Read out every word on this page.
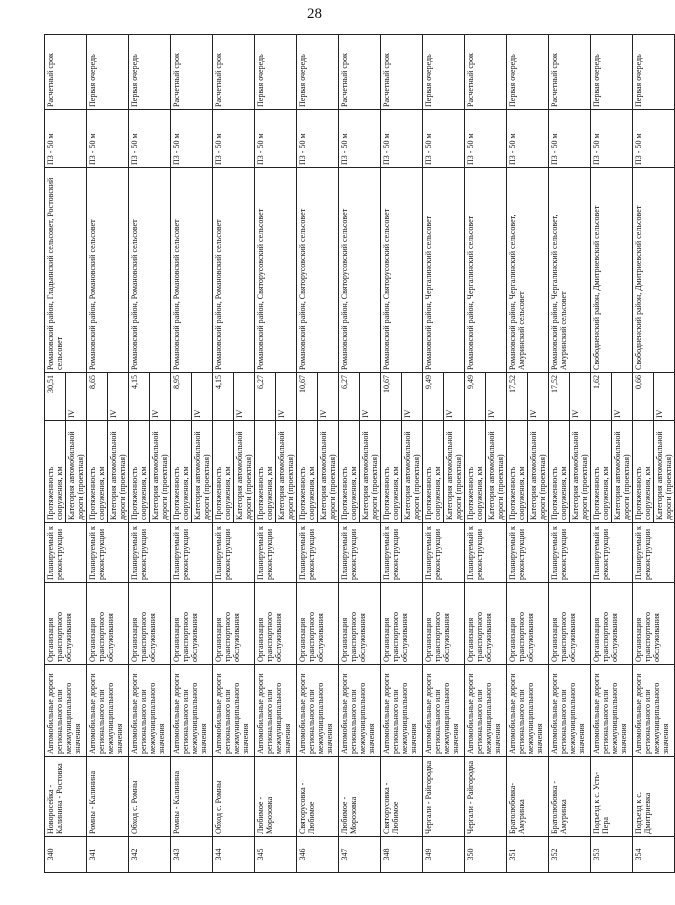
28
340	Новоросейка - Калинина - Ростовка	Автомобильные дороги регионального или межмуниципального значения	Организация транспортного обслуживания	Планируемый к реконструкции	Протяженность сооружения, км	30,51	Романовский район, Гладьинский сельсовет, Ростовский сельсовет	ПЗ - 50 м	Расчетный срок
					Категория автомобильной дороги (проектная)	IV			
341	Ромны - Калинина	Автомобильные дороги регионального или межмуниципального значения	Организация транспортного обслуживания	Планируемый к реконструкции	Протяженность сооружения, км	8,65	Романовский район, Романовский сельсовет	ПЗ - 50 м	Первая очередь
					Категория автомобильной дороги (проектная)	IV			
342	Обход с. Ромны	Автомобильные дороги регионального или межмуниципального значения	Организация транспортного обслуживания	Планируемый к реконструкции	Протяженность сооружения, км	4,15	Романовский район, Романовский сельсовет	ПЗ - 50 м	Первая очередь
					Категория автомобильной дороги (проектная)	IV			
343	Ромны - Калинина	Автомобильные дороги регионального или межмуниципального значения	Организация транспортного обслуживания	Планируемый к реконструкции	Протяженность сооружения, км	8,95	Романовский район, Романовский сельсовет	ПЗ - 50 м	Расчетный срок
					Категория автомобильной дороги (проектная)	IV			
344	Обход с. Ромны	Автомобильные дороги регионального или межмуниципального значения	Организация транспортного обслуживания	Планируемый к реконструкции	Протяженность сооружения, км	4,15	Романовский район, Романовский сельсовет	ПЗ - 50 м	Расчетный срок
					Категория автомобильной дороги (проектная)	IV			
345	Любимое - Морозовка	Автомобильные дороги регионального или межмуниципального значения	Организация транспортного обслуживания	Планируемый к реконструкции	Протяженность сооружения, км	6,27	Романовский район, Святорусовский сельсовет	ПЗ - 50 м	Первая очередь
					Категория автомобильной дороги (проектная)	IV			
346	Святорусовка - Любимое	Автомобильные дороги регионального или межмуниципального значения	Организация транспортного обслуживания	Планируемый к реконструкции	Протяженность сооружения, км	10,67	Романовский район, Святорусовский сельсовет	ПЗ - 50 м	Первая очередь
					Категория автомобильной дороги (проектная)	IV			
347	Любимое - Морозовка	Автомобильные дороги регионального или межмуниципального значения	Организация транспортного обслуживания	Планируемый к реконструкции	Протяженность сооружения, км	6,27	Романовский район, Святорусовский сельсовет	ПЗ - 50 м	Расчетный срок
					Категория автомобильной дороги (проектная)	IV			
348	Святорусовка - Любимое	Автомобильные дороги регионального или межмуниципального значения	Организация транспортного обслуживания	Планируемый к реконструкции	Протяженность сооружения, км	10,67	Романовский район, Святорусовский сельсовет	ПЗ - 50 м	Расчетный срок
					Категория автомобильной дороги (проектная)	IV			
349	Чергали - Райгородка	Автомобильные дороги регионального или межмуниципального значения	Организация транспортного обслуживания	Планируемый к реконструкции	Протяженность сооружения, км	9,49	Романовский район, Чергалинский сельсовет	ПЗ - 50 м	Первая очередь
					Категория автомобильной дороги (проектная)	IV			
350	Чергали - Райгородка	Автомобильные дороги регионального или межмуниципального значения	Организация транспортного обслуживания	Планируемый к реконструкции	Протяженность сооружения, км	9,49	Романовский район, Чергалинский сельсовет	ПЗ - 50 м	Расчетный срок
					Категория автомобильной дороги (проектная)	IV			
351	Братолюбовка-Амуринка	Автомобильные дороги регионального или межмуниципального значения	Организация транспортного обслуживания	Планируемый к реконструкции	Протяженность сооружения, км	17,52	Романовский район, Чергалинский сельсовет, Амуринский сельсовет	ПЗ - 50 м	Первая очередь
					Категория автомобильной дороги (проектная)	IV			
352	Братолюбовка - Амуринка	Автомобильные дороги регионального или межмуниципального значения	Организация транспортного обслуживания	Планируемый к реконструкции	Протяженность сооружения, км	17,52	Романовский район, Чергалинский сельсовет, Амуринский сельсовет	ПЗ - 50 м	Расчетный срок
					Категория автомобильной дороги (проектная)	IV			
353	Подъезд к с. Усть-Пера	Автомобильные дороги регионального или межмуниципального значения	Организация транспортного обслуживания	Планируемый к реконструкции	Протяженность сооружения, км	1,62	Свободненский район, Дмитриевский сельсовет	ПЗ - 50 м	Первая очередь
					Категория автомобильной дороги (проектная)	IV			
354	Подъезд к с. Дмитриевка	Автомобильные дороги регионального или межмуниципального значения	Организация транспортного обслуживания	Планируемый к реконструкции	Протяженность сооружения, км	0,66	Свободненский район, Дмитриевский сельсовет	ПЗ - 50 м	Первая очередь
					Категория автомобильной дороги (проектная)	IV			
